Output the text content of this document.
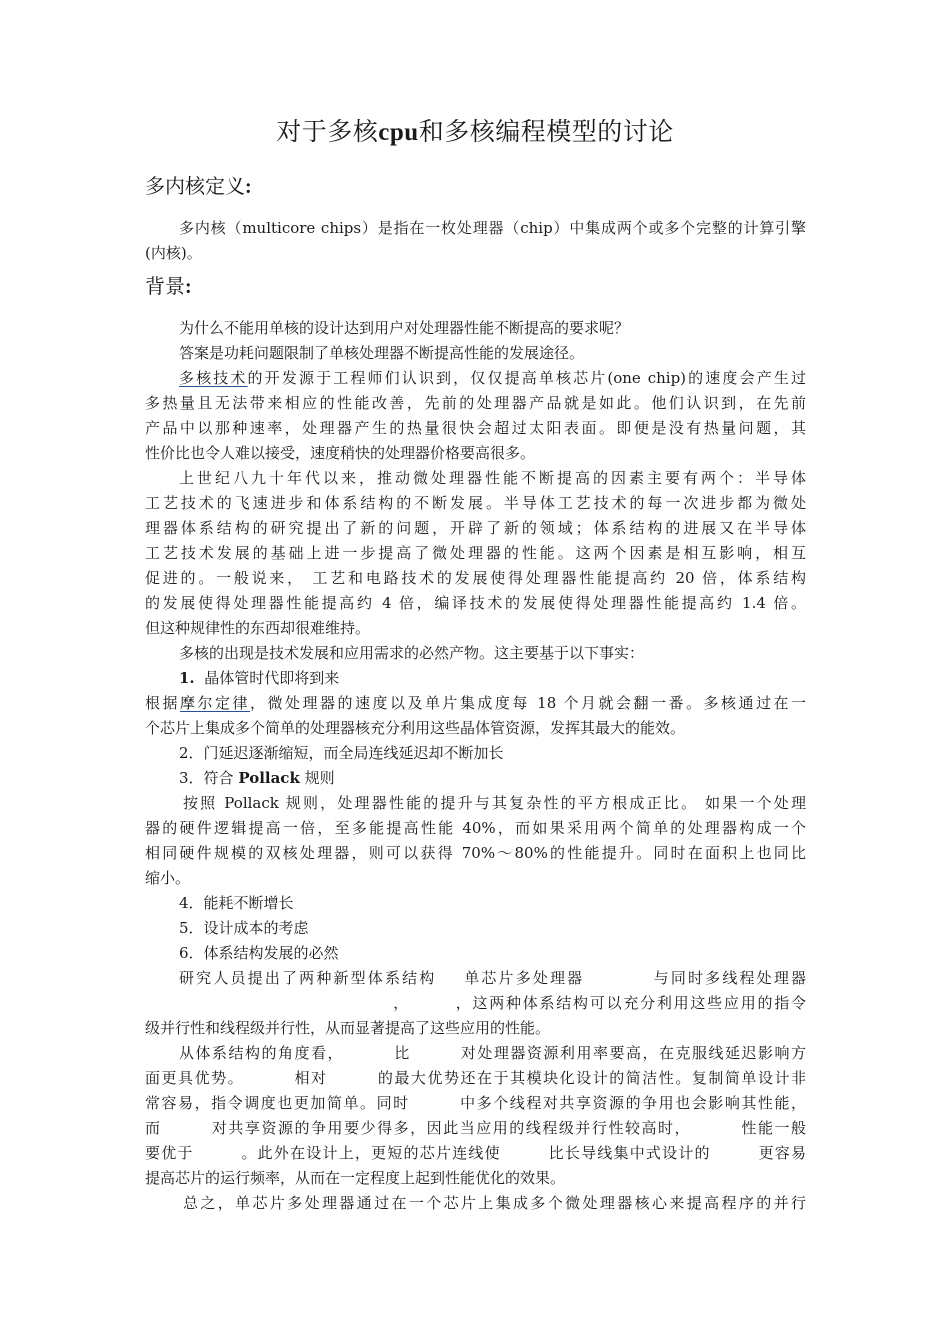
对于多核cpu和多核编程模型的讨论
多内核定义:
多内核（multicore chips）是指在一枚处理器（chip）中集成两个或多个完整的计算引擎
(内核)。
背景:
为什么不能用单核的设计达到用户对处理器性能不断提高的要求呢？
答案是功耗问题限制了单核处理器不断提高性能的发展途径。
多核技术的开发源于工程师们认识到，仅仅提高单核芯片(one chip)的速度会产生过
多热量且无法带来相应的性能改善，先前的处理器产品就是如此。他们认识到，在先前
产品中以那种速率，处理器产生的热量很快会超过太阳表面。即便是没有热量问题，其
性价比也令人难以接受，速度稍快的处理器价格要高很多。
上世纪八九十年代以来，推动微处理器性能不断提高的因素主要有两个：半导体
工艺技术的飞速进步和体系结构的不断发展。半导体工艺技术的每一次进步都为微处
理器体系结构的研究提出了新的问题，开辟了新的领域；体系结构的进展又在半导体
工艺技术发展的基础上进一步提高了微处理器的性能。这两个因素是相互影响，相互
促进的。一般说来， 工艺和电路技术的发展使得处理器性能提高约 20 倍，体系结构
的发展使得处理器性能提高约 4 倍，编译技术的发展使得处理器性能提高约 1.4 倍。
但这种规律性的东西却很难维持。
多核的出现是技术发展和应用需求的必然产物。这主要基于以下事实：
1. 晶体管时代即将到来
根据摩尔定律，微处理器的速度以及单片集成度每 18 个月就会翻一番。多核通过在一
个芯片上集成多个简单的处理器核充分利用这些晶体管资源，发挥其最大的能效。
2．门延迟逐渐缩短，而全局连线延迟却不断加长
3．符合 Pollack 规则
按照 Pollack 规则，处理器性能的提升与其复杂性的平方根成正比。 如果一个处理
器的硬件逻辑提高一倍，至多能提高性能 40%，而如果采用两个简单的处理器构成一个
相同硬件规模的双核处理器，则可以获得 70%～80%的性能提升。同时在面积上也同比
缩小。
4．能耗不断增长
5．设计成本的考虑
6．体系结构发展的必然
研究人员提出了两种新型体系结构    单芯片多处理器          与同时多线程处理器
，       ，这两种体系结构可以充分利用这些应用的指令
级并行性和线程级并行性，从而显著提高了这些应用的性能。
从体系结构的角度看，        比        对处理器资源利用率要高，在克服线延迟影响方
面更具优势。        相对        的最大优势还在于其模块化设计的简洁性。复制简单设计非
常容易，指令调度也更加简单。同时        中多个线程对共享资源的争用也会影响其性能，
而        对共享资源的争用要少得多，因此当应用的线程级并行性较高时，        性能一般
要优于        。此外在设计上，更短的芯片连线使        比长导线集中式设计的        更容易
提高芯片的运行频率，从而在一定程度上起到性能优化的效果。
总之，单芯片多处理器通过在一个芯片上集成多个微处理器核心来提高程序的并行
